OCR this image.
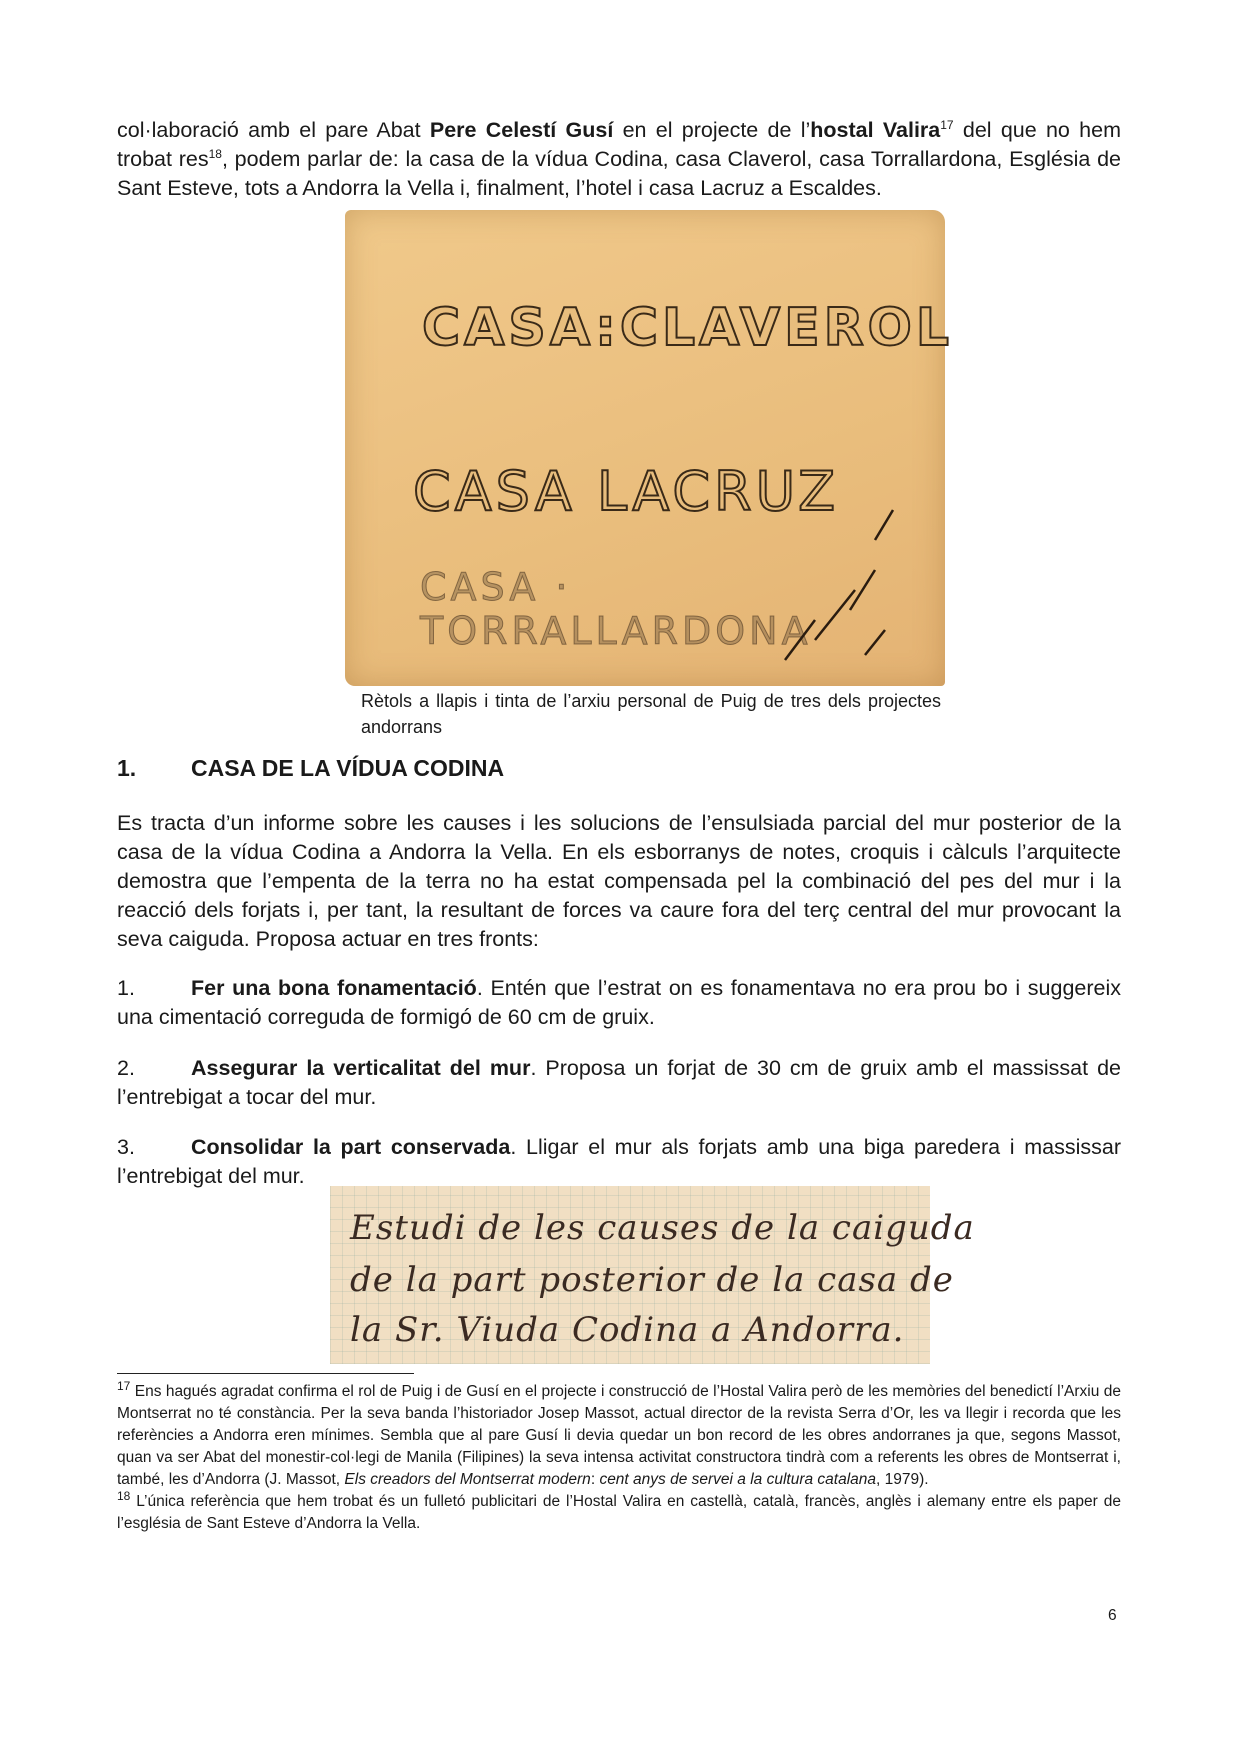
col·laboració amb el pare Abat Pere Celestí Gusí en el projecte de l’hostal Valira$^{17}$ del que no hem trobat res$^{18}$, podem parlar de: la casa de la vídua Codina, casa Claverol, casa Torrallardona, Església de Sant Esteve, tots a Andorra la Vella i, finalment, l’hotel i casa Lacruz a Escaldes.

CASA:CLAVEROL
CASA LACRUZ
CASA · TORRALLARDONA

Rètols a llapis i tinta de l’arxiu personal de Puig de tres dels projectes andorrans

1. CASA DE LA VÍDUA CODINA

Es tracta d’un informe sobre les causes i les solucions de l’ensulsiada parcial del mur posterior de la casa de la vídua Codina a Andorra la Vella. En els esborranys de notes, croquis i càlculs l’arquitecte demostra que l’empenta de la terra no ha estat compensada pel la combinació del pes del mur i la reacció dels forjats i, per tant, la resultant de forces va caure fora del terç central del mur provocant la seva caiguda. Proposa actuar en tres fronts:

1.	Fer una bona fonamentació. Entén que l’estrat on es fonamentava no era prou bo i suggereix una cimentació correguda de formigó de 60 cm de gruix.

2.	Assegurar la verticalitat del mur. Proposa un forjat de 30 cm de gruix amb el massissat de l’entrebigat a tocar del mur.

3.	Consolidar la part conservada. Lligar el mur als forjats amb una biga paredera i massissar l’entrebigat del mur.

Estudi de les causes de la caiguda
de la part posterior de la casa de
la Sr. Viuda Codina a Andorra.

$^{17}$ Ens hagués agradat confirma el rol de Puig i de Gusí en el projecte i construcció de l’Hostal Valira però de les memòries del benedictí l’Arxiu de Montserrat no té constància. Per la seva banda l’historiador Josep Massot, actual director de la revista Serra d’Or, les va llegir i recorda que les referències a Andorra eren mínimes. Sembla que al pare Gusí li devia quedar un bon record de les obres andorranes ja que, segons Massot, quan va ser Abat del monestir-col·legi de Manila (Filipines) la seva intensa activitat constructora tindrà com a referents les obres de Montserrat i, també, les d’Andorra (J. Massot, Els creadors del Montserrat modern: cent anys de servei a la cultura catalana, 1979).

$^{18}$ L’única referència que hem trobat és un fulletó publicitari de l’Hostal Valira en castellà, català, francès, anglès i alemany entre els paper de l’església de Sant Esteve d’Andorra la Vella.

6
